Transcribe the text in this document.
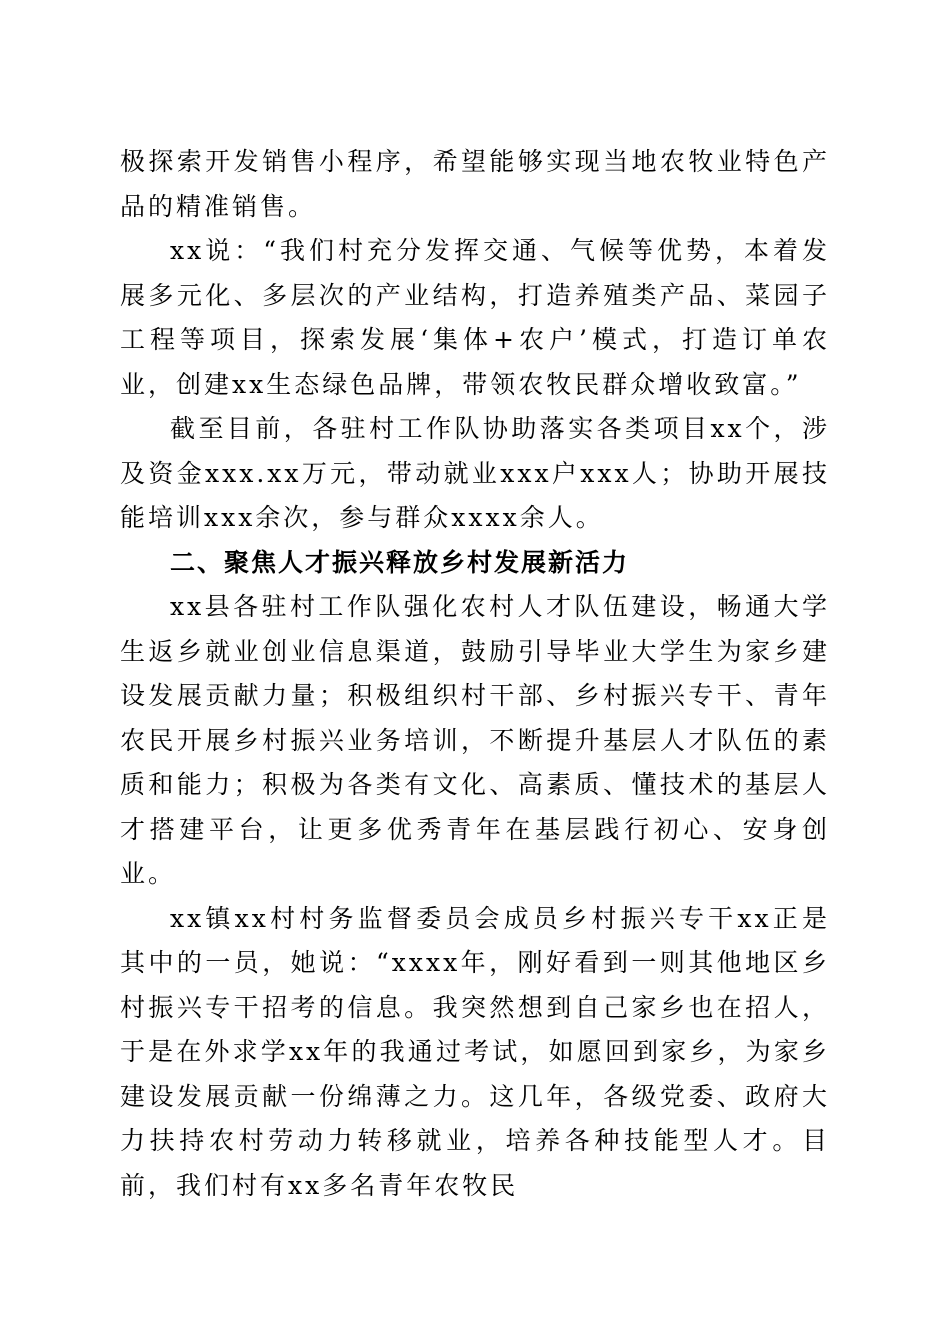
极探索开发销售小程序，希望能够实现当地农牧业特色产品的精准销售。

xx说：“我们村充分发挥交通、气候等优势，本着发展多元化、多层次的产业结构，打造养殖类产品、菜园子工程等项目，探索发展‘集体+农户’模式，打造订单农业，创建xx生态绿色品牌，带领农牧民群众增收致富。”

截至目前，各驻村工作队协助落实各类项目xx个，涉及资金xxx.xx万元，带动就业xxx户xxx人；协助开展技能培训xxx余次，参与群众xxxx余人。

二、聚焦人才振兴释放乡村发展新活力

xx县各驻村工作队强化农村人才队伍建设，畅通大学生返乡就业创业信息渠道，鼓励引导毕业大学生为家乡建设发展贡献力量；积极组织村干部、乡村振兴专干、青年农民开展乡村振兴业务培训，不断提升基层人才队伍的素质和能力；积极为各类有文化、高素质、懂技术的基层人才搭建平台，让更多优秀青年在基层践行初心、安身创业。

xx镇xx村村务监督委员会成员乡村振兴专干xx正是其中的一员，她说：“xxxx年，刚好看到一则其他地区乡村振兴专干招考的信息。我突然想到自己家乡也在招人，于是在外求学xx年的我通过考试，如愿回到家乡，为家乡建设发展贡献一份绵薄之力。这几年，各级党委、政府大力扶持农村劳动力转移就业，培养各种技能型人才。目前，我们村有xx多名青年农牧民
